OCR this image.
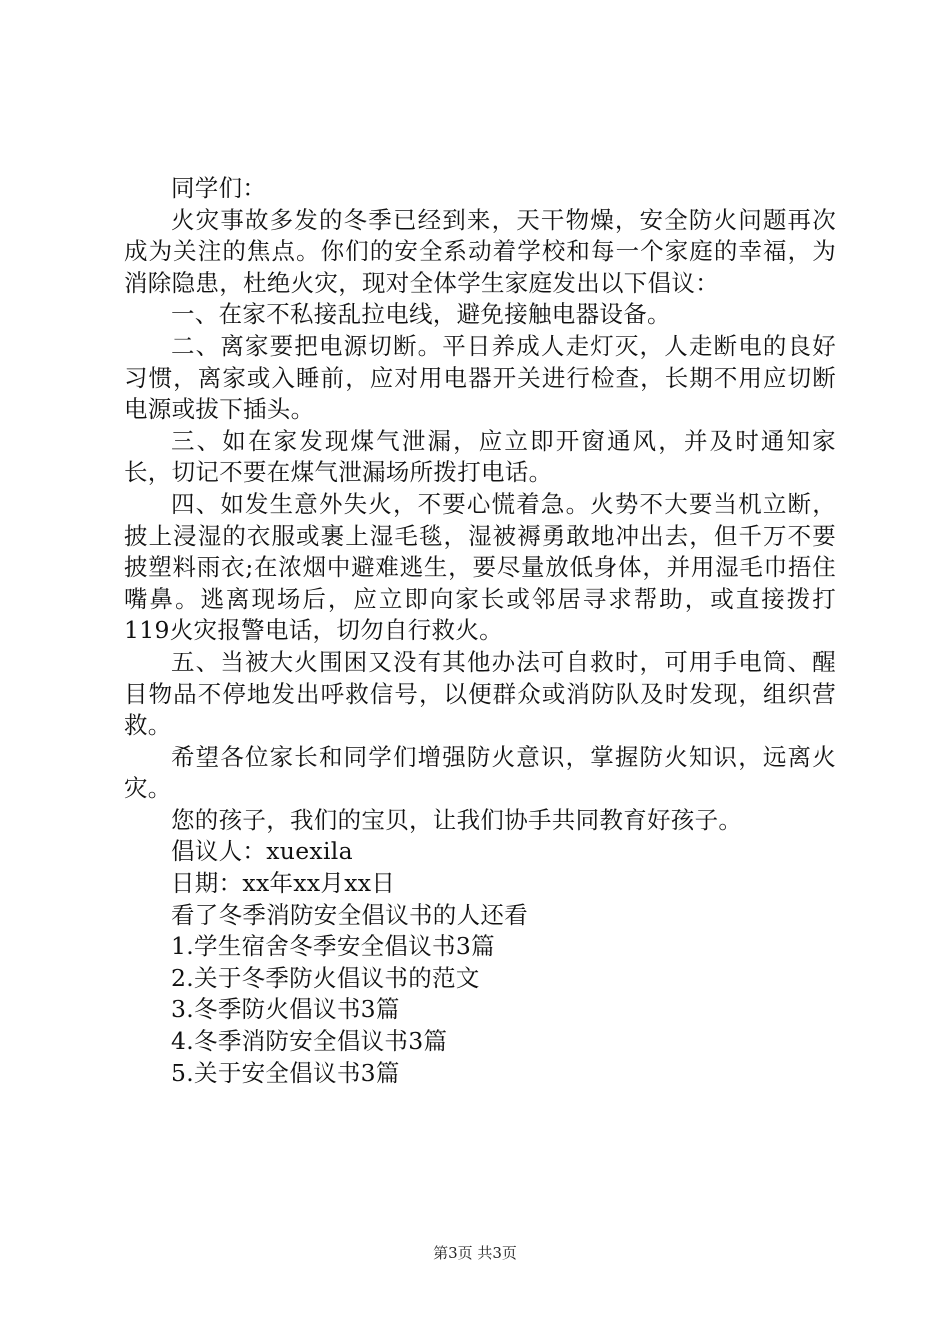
同学们：

火灾事故多发的冬季已经到来，天干物燥，安全防火问题再次成为关注的焦点。你们的安全系动着学校和每一个家庭的幸福，为消除隐患，杜绝火灾，现对全体学生家庭发出以下倡议：

一、在家不私接乱拉电线，避免接触电器设备。

二、离家要把电源切断。平日养成人走灯灭，人走断电的良好习惯，离家或入睡前，应对用电器开关进行检查，长期不用应切断电源或拔下插头。

三、如在家发现煤气泄漏，应立即开窗通风，并及时通知家长，切记不要在煤气泄漏场所拨打电话。

四、如发生意外失火，不要心慌着急。火势不大要当机立断，披上浸湿的衣服或裹上湿毛毯，湿被褥勇敢地冲出去，但千万不要披塑料雨衣;在浓烟中避难逃生，要尽量放低身体，并用湿毛巾捂住嘴鼻。逃离现场后，应立即向家长或邻居寻求帮助，或直接拨打119火灾报警电话，切勿自行救火。

五、当被大火围困又没有其他办法可自救时，可用手电筒、醒目物品不停地发出呼救信号，以便群众或消防队及时发现，组织营救。

希望各位家长和同学们增强防火意识，掌握防火知识，远离火灾。

您的孩子，我们的宝贝，让我们协手共同教育好孩子。

倡议人：xuexila

日期：xx年xx月xx日

看了冬季消防安全倡议书的人还看

1.学生宿舍冬季安全倡议书3篇

2.关于冬季防火倡议书的范文

3.冬季防火倡议书3篇

4.冬季消防安全倡议书3篇

5.关于安全倡议书3篇

第3页 共3页
